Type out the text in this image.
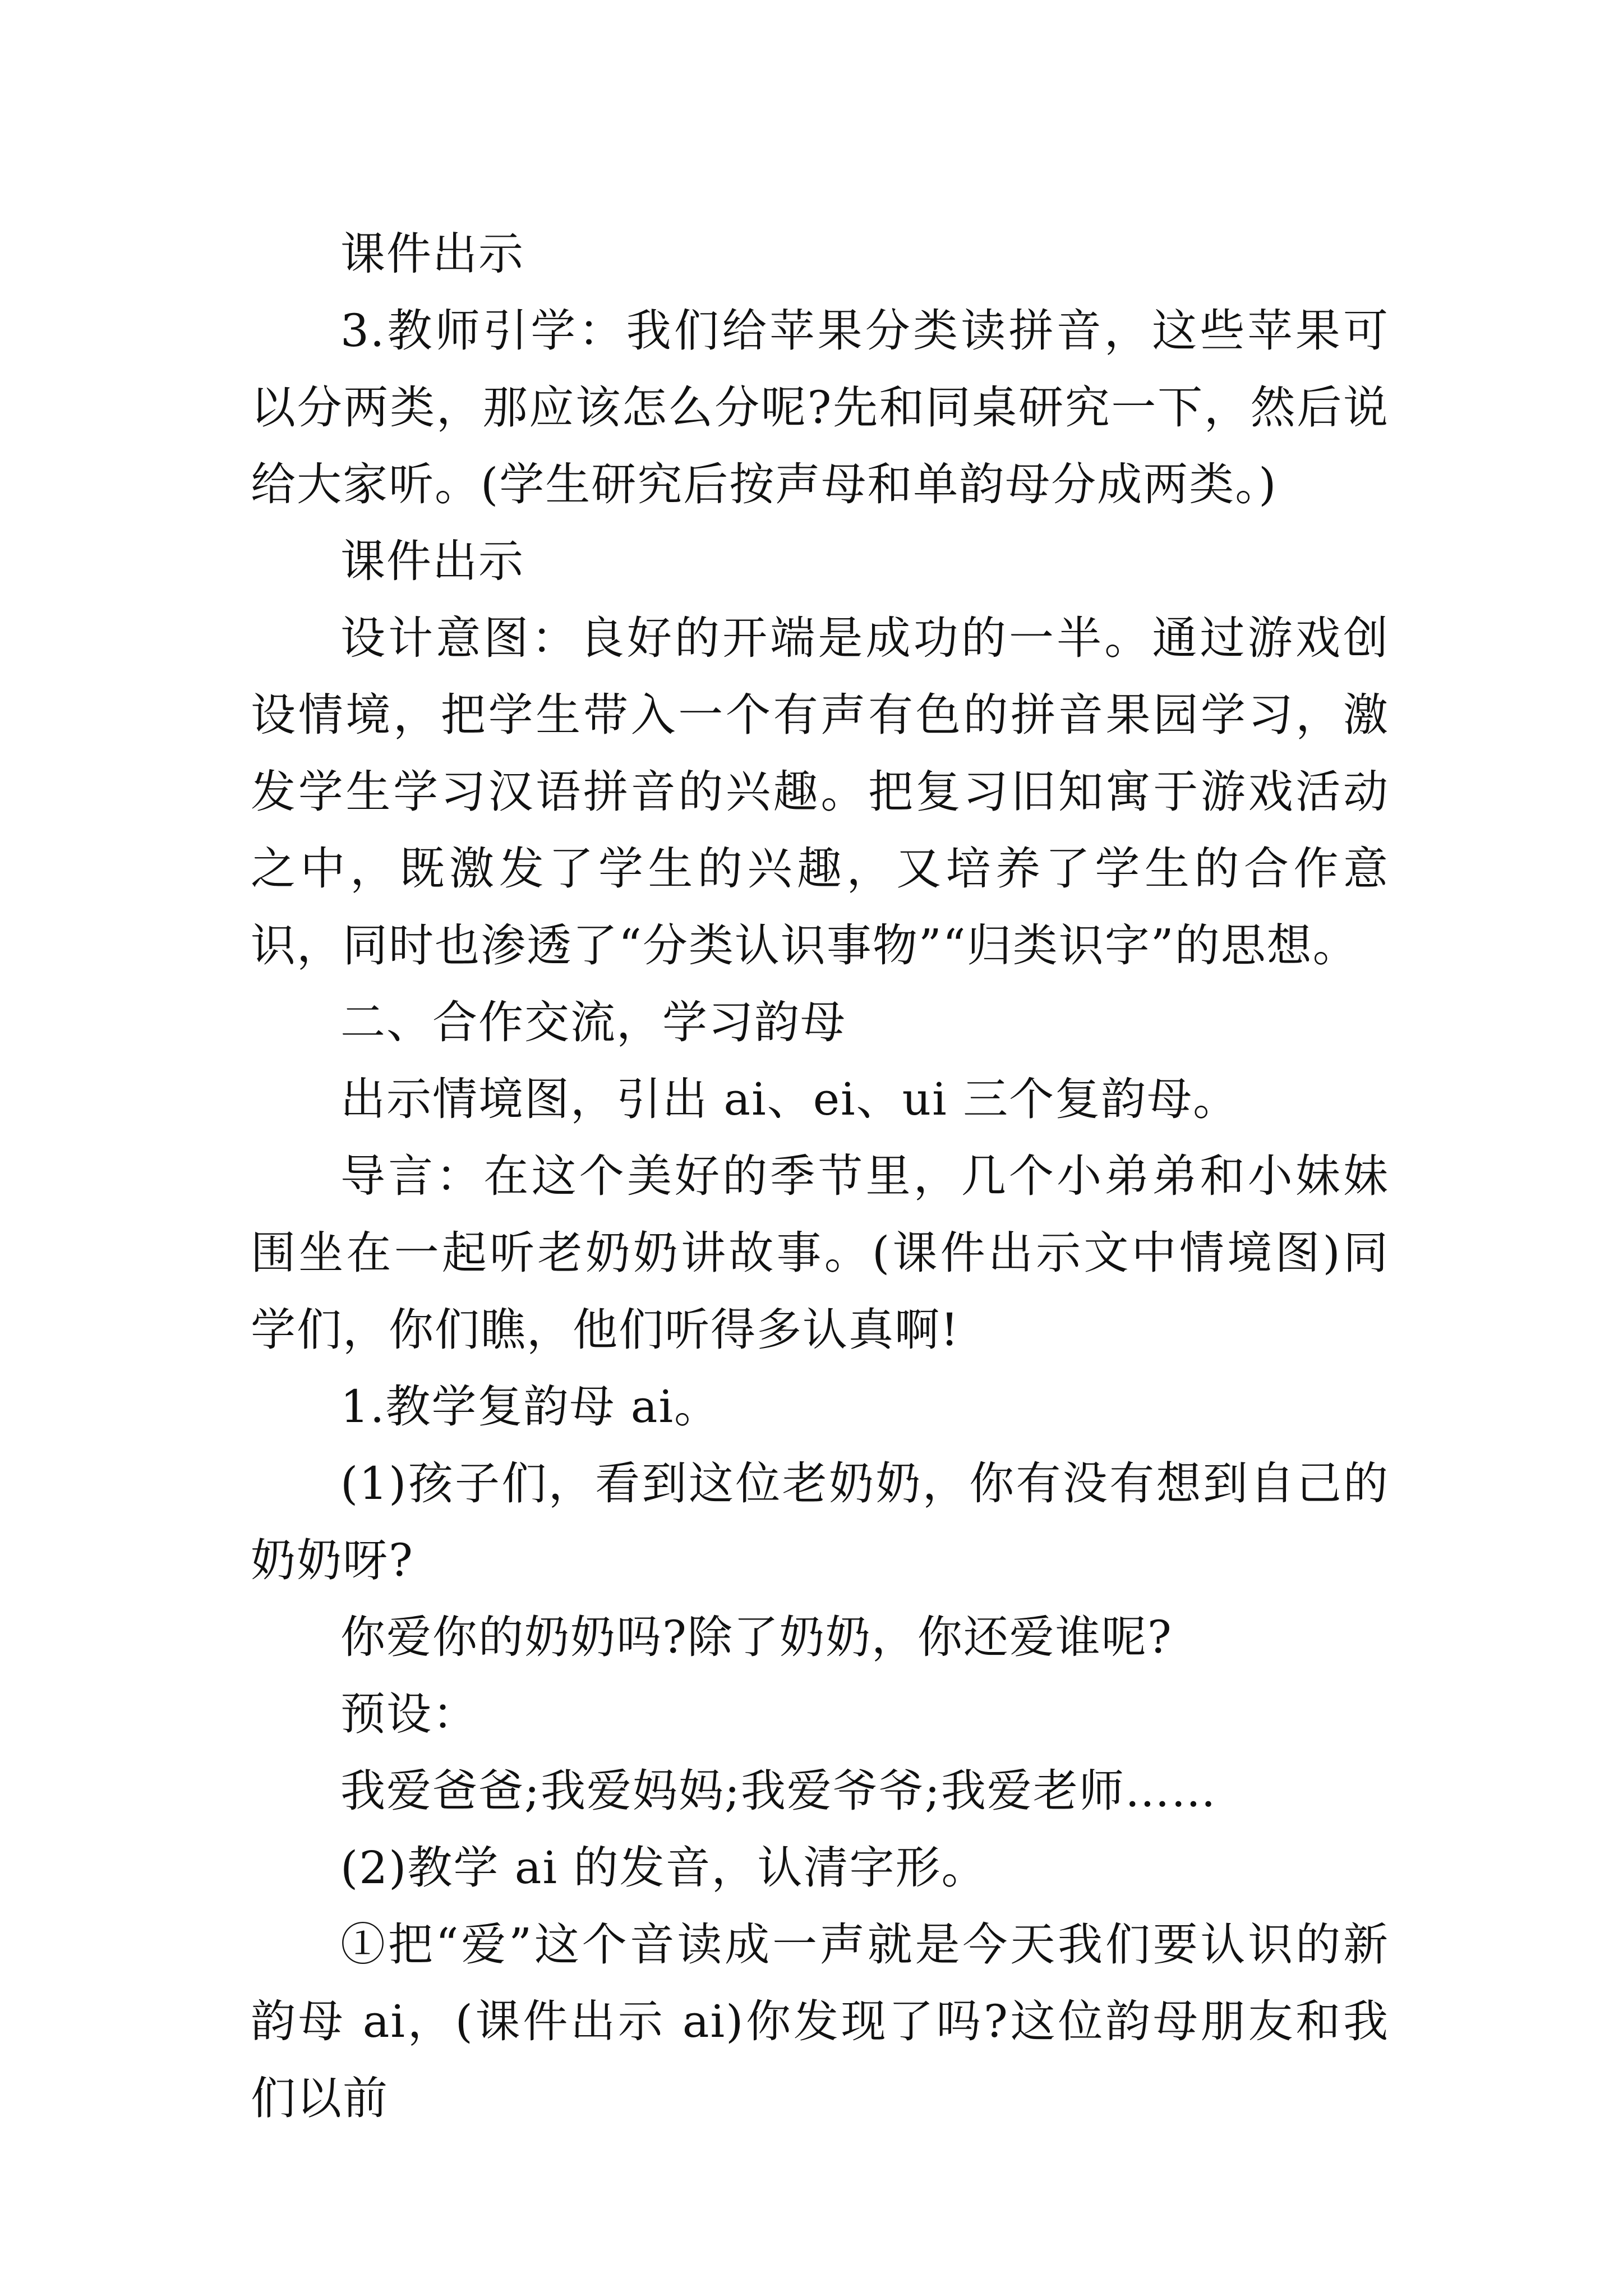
课件出示

3.教师引学：我们给苹果分类读拼音，这些苹果可以分两类，那应该怎么分呢?先和同桌研究一下，然后说给大家听。(学生研究后按声母和单韵母分成两类。)

课件出示

设计意图：良好的开端是成功的一半。通过游戏创设情境，把学生带入一个有声有色的拼音果园学习，激发学生学习汉语拼音的兴趣。把复习旧知寓于游戏活动之中，既激发了学生的兴趣，又培养了学生的合作意识，同时也渗透了“分类认识事物”“归类识字”的思想。

二、合作交流，学习韵母

出示情境图，引出 ai、ei、ui 三个复韵母。

导言：在这个美好的季节里，几个小弟弟和小妹妹围坐在一起听老奶奶讲故事。(课件出示文中情境图)同学们，你们瞧，他们听得多认真啊!

1.教学复韵母 ai。

(1)孩子们，看到这位老奶奶，你有没有想到自己的奶奶呀?

你爱你的奶奶吗?除了奶奶，你还爱谁呢?

预设：

我爱爸爸;我爱妈妈;我爱爷爷;我爱老师……

(2)教学 ai 的发音，认清字形。

①把“爱”这个音读成一声就是今天我们要认识的新韵母 ai，(课件出示 ai)你发现了吗?这位韵母朋友和我们以前
